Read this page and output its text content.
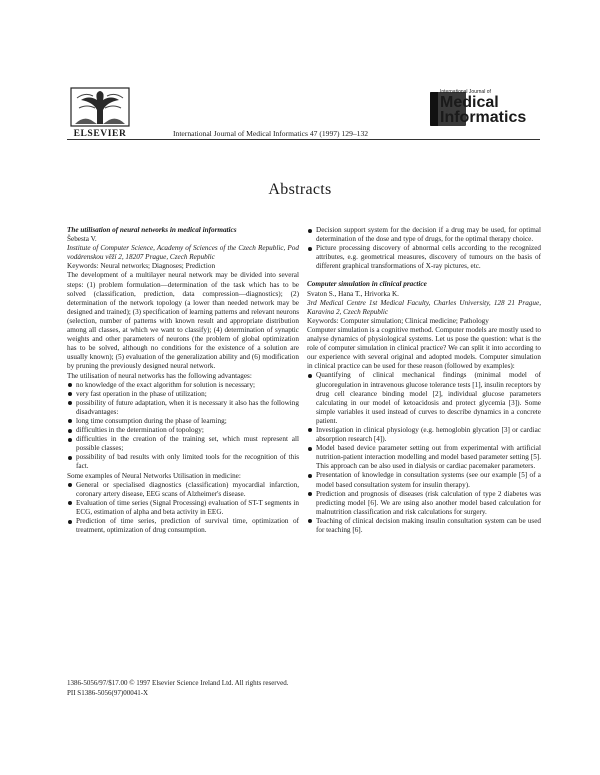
ELSEVIER	International Journal of Medical Informatics 47 (1997) 129–132
International Journal of
Medical
Informatics
Abstracts

The utilisation of neural networks in medical informatics

Šebesta V.

Institute of Computer Science, Academy of Sciences of the Czech Republic, Pod vodárenskou věží 2, 18207 Prague, Czech Republic

Keywords: Neural networks; Diagnoses; Prediction

The development of a multilayer neural network may be divided into several steps: (1) problem formulation—determination of the task which has to be solved (classification, prediction, data compression—diagnostics); (2) determination of the network topology (a lower than needed network may be designed and trained); (3) specification of learning patterns and relevant neurons (selection, number of patterns with known result and appropriate distribution among all classes, at which we want to classify); (4) determination of synaptic weights and other parameters of neurons (the problem of global optimization has to be solved, although no conditions for the existence of a solution are usually known); (5) evaluation of the generalization ability and (6) modification by pruning the previously designed neural network.

The utilisation of neural networks has the following advantages:

no knowledge of the exact algorithm for solution is necessary;
very fast operation in the phase of utilization;
possibility of future adaptation, when it is necessary it also has the following disadvantages:
long time consumption during the phase of learning;
difficulties in the determination of topology;
difficulties in the creation of the training set, which must represent all possible classes;
possibility of bad results with only limited tools for the recognition of this fact.

Some examples of Neural Networks Utilisation in medicine:

General or specialised diagnostics (classification) myocardial infarction, coronary artery disease, EEG scans of Alzheimer's disease.
Evaluation of time series (Signal Processing) evaluation of ST-T segments in ECG, estimation of alpha and beta activity in EEG.
Prediction of time series, prediction of survival time, optimization of treatment, optimization of drug consumption.
Decision support system for the decision if a drug may be used, for optimal determination of the dose and type of drugs, for the optimal therapy choice.
Picture processing discovery of abnormal cells according to the recognized attributes, e.g. geometrical measures, discovery of tumours on the basis of different graphical transformations of X-ray pictures, etc.

Computer simulation in clinical practice

Svaton S., Hana T., Hrivorka K.

3rd Medical Centre 1st Medical Faculty, Charles University, 128 21 Prague, Karavina 2, Czech Republic

Keywords: Computer simulation; Clinical medicine; Pathology

Computer simulation is a cognitive method. Computer models are mostly used to analyse dynamics of physiological systems. Let us pose the question: what is the role of computer simulation in clinical practice? We can split it into according to our experience with several original and adopted models. Computer simulation in clinical practice can be used for these reason (followed by examples):

Quantifying of clinical mechanical findings (minimal model of glucoregulation in intravenous glucose tolerance tests [1], insulin receptors by drug cell clearance binding model [2], individual glucose parameters calculating in our model of ketoacidosis and protect glycemia [3]). Some simple variables it used instead of curves to describe dynamics in a concrete patient.
Investigation in clinical physiology (e.g. hemoglobin glycation [3] or cardiac absorption research [4]).
Model based device parameter setting out from experimental with artificial nutrition-patient interaction modelling and model based parameter setting [5]. This approach can be also used in dialysis or cardiac pacemaker parameters.
Presentation of knowledge in consultation systems (see our example [5] of a model based consultation system for insulin therapy).
Prediction and prognosis of diseases (risk calculation of type 2 diabetes was predicting model [6]. We are using also another model based calculation for malnutrition classification and risk calculations for surgery.
Teaching of clinical decision making insulin consultation system can be used for teaching [6].
1386-5056/97/$17.00 © 1997 Elsevier Science Ireland Ltd. All rights reserved.
PII S1386-5056(97)00041-X
